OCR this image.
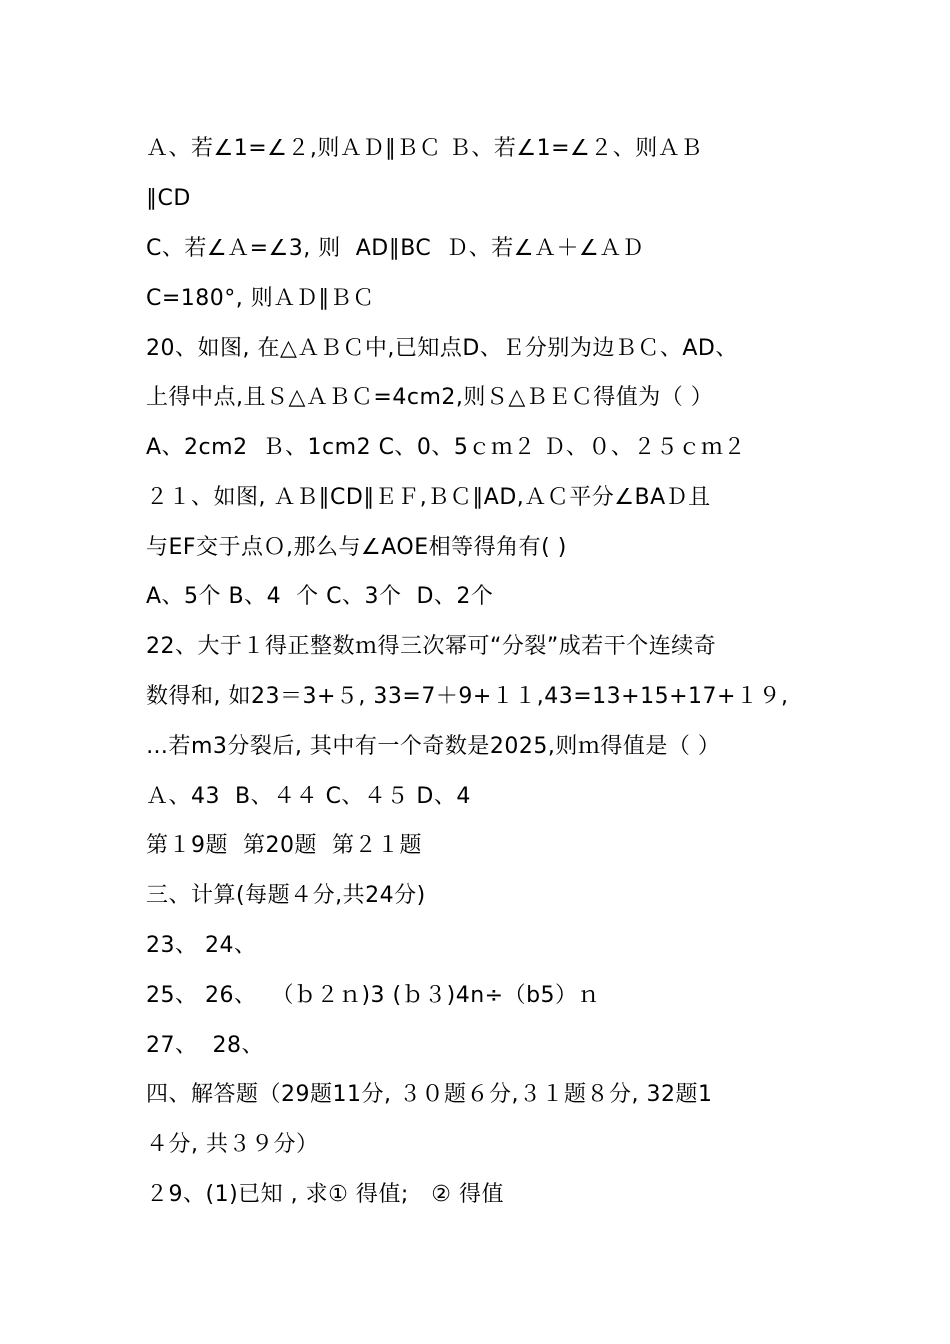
Ａ、若∠1=∠２,则ＡＤ∥ＢＣ Ｂ、若∠1=∠２、则ＡＢ
∥CD
C、若∠Ａ=∠3, 则  AD∥BC  Ｄ、若∠Ａ＋∠ＡＤ
C=180°, 则ＡＤ∥ＢＣ
20、如图, 在△ＡＢＣ中,已知点D、Ｅ分别为边ＢＣ、AD、
上得中点,且Ｓ△ＡＢＣ=4cm2,则Ｓ△ＢＥＣ得值为（ ）
A、2cm2  Ｂ、1cm2 C、0、5ｃｍ２ Ｄ、０、２５ｃｍ２
２１、如图, ＡＢ∥CD∥ＥＦ,ＢＣ∥AD,ＡＣ平分∠BAＤ且
与EF交于点Ｏ,那么与∠AOE相等得角有( )
A、5个 B、4  个 C、3个  D、2个
22、大于１得正整数ｍ得三次幂可“分裂”成若干个连续奇
数得和, 如23＝3+５, 33=7＋9+１１,43=13+15+17+１９,
…若m3分裂后, 其中有一个奇数是2025,则ｍ得值是（ ）
Ａ、43  B、４４ C、４５ D、4
第１9题  第20题  第２１题
三、计算(每题４分,共24分)
23、 24、
25、 26、  （ｂ２ｎ)3 (ｂ３)4n÷（b5）ｎ
27、  28、
四、解答题（29题11分, ３０题６分,３１题８分, 32题1
４分, 共３９分）
２9、(1)已知 , 求① 得值;   ② 得值
